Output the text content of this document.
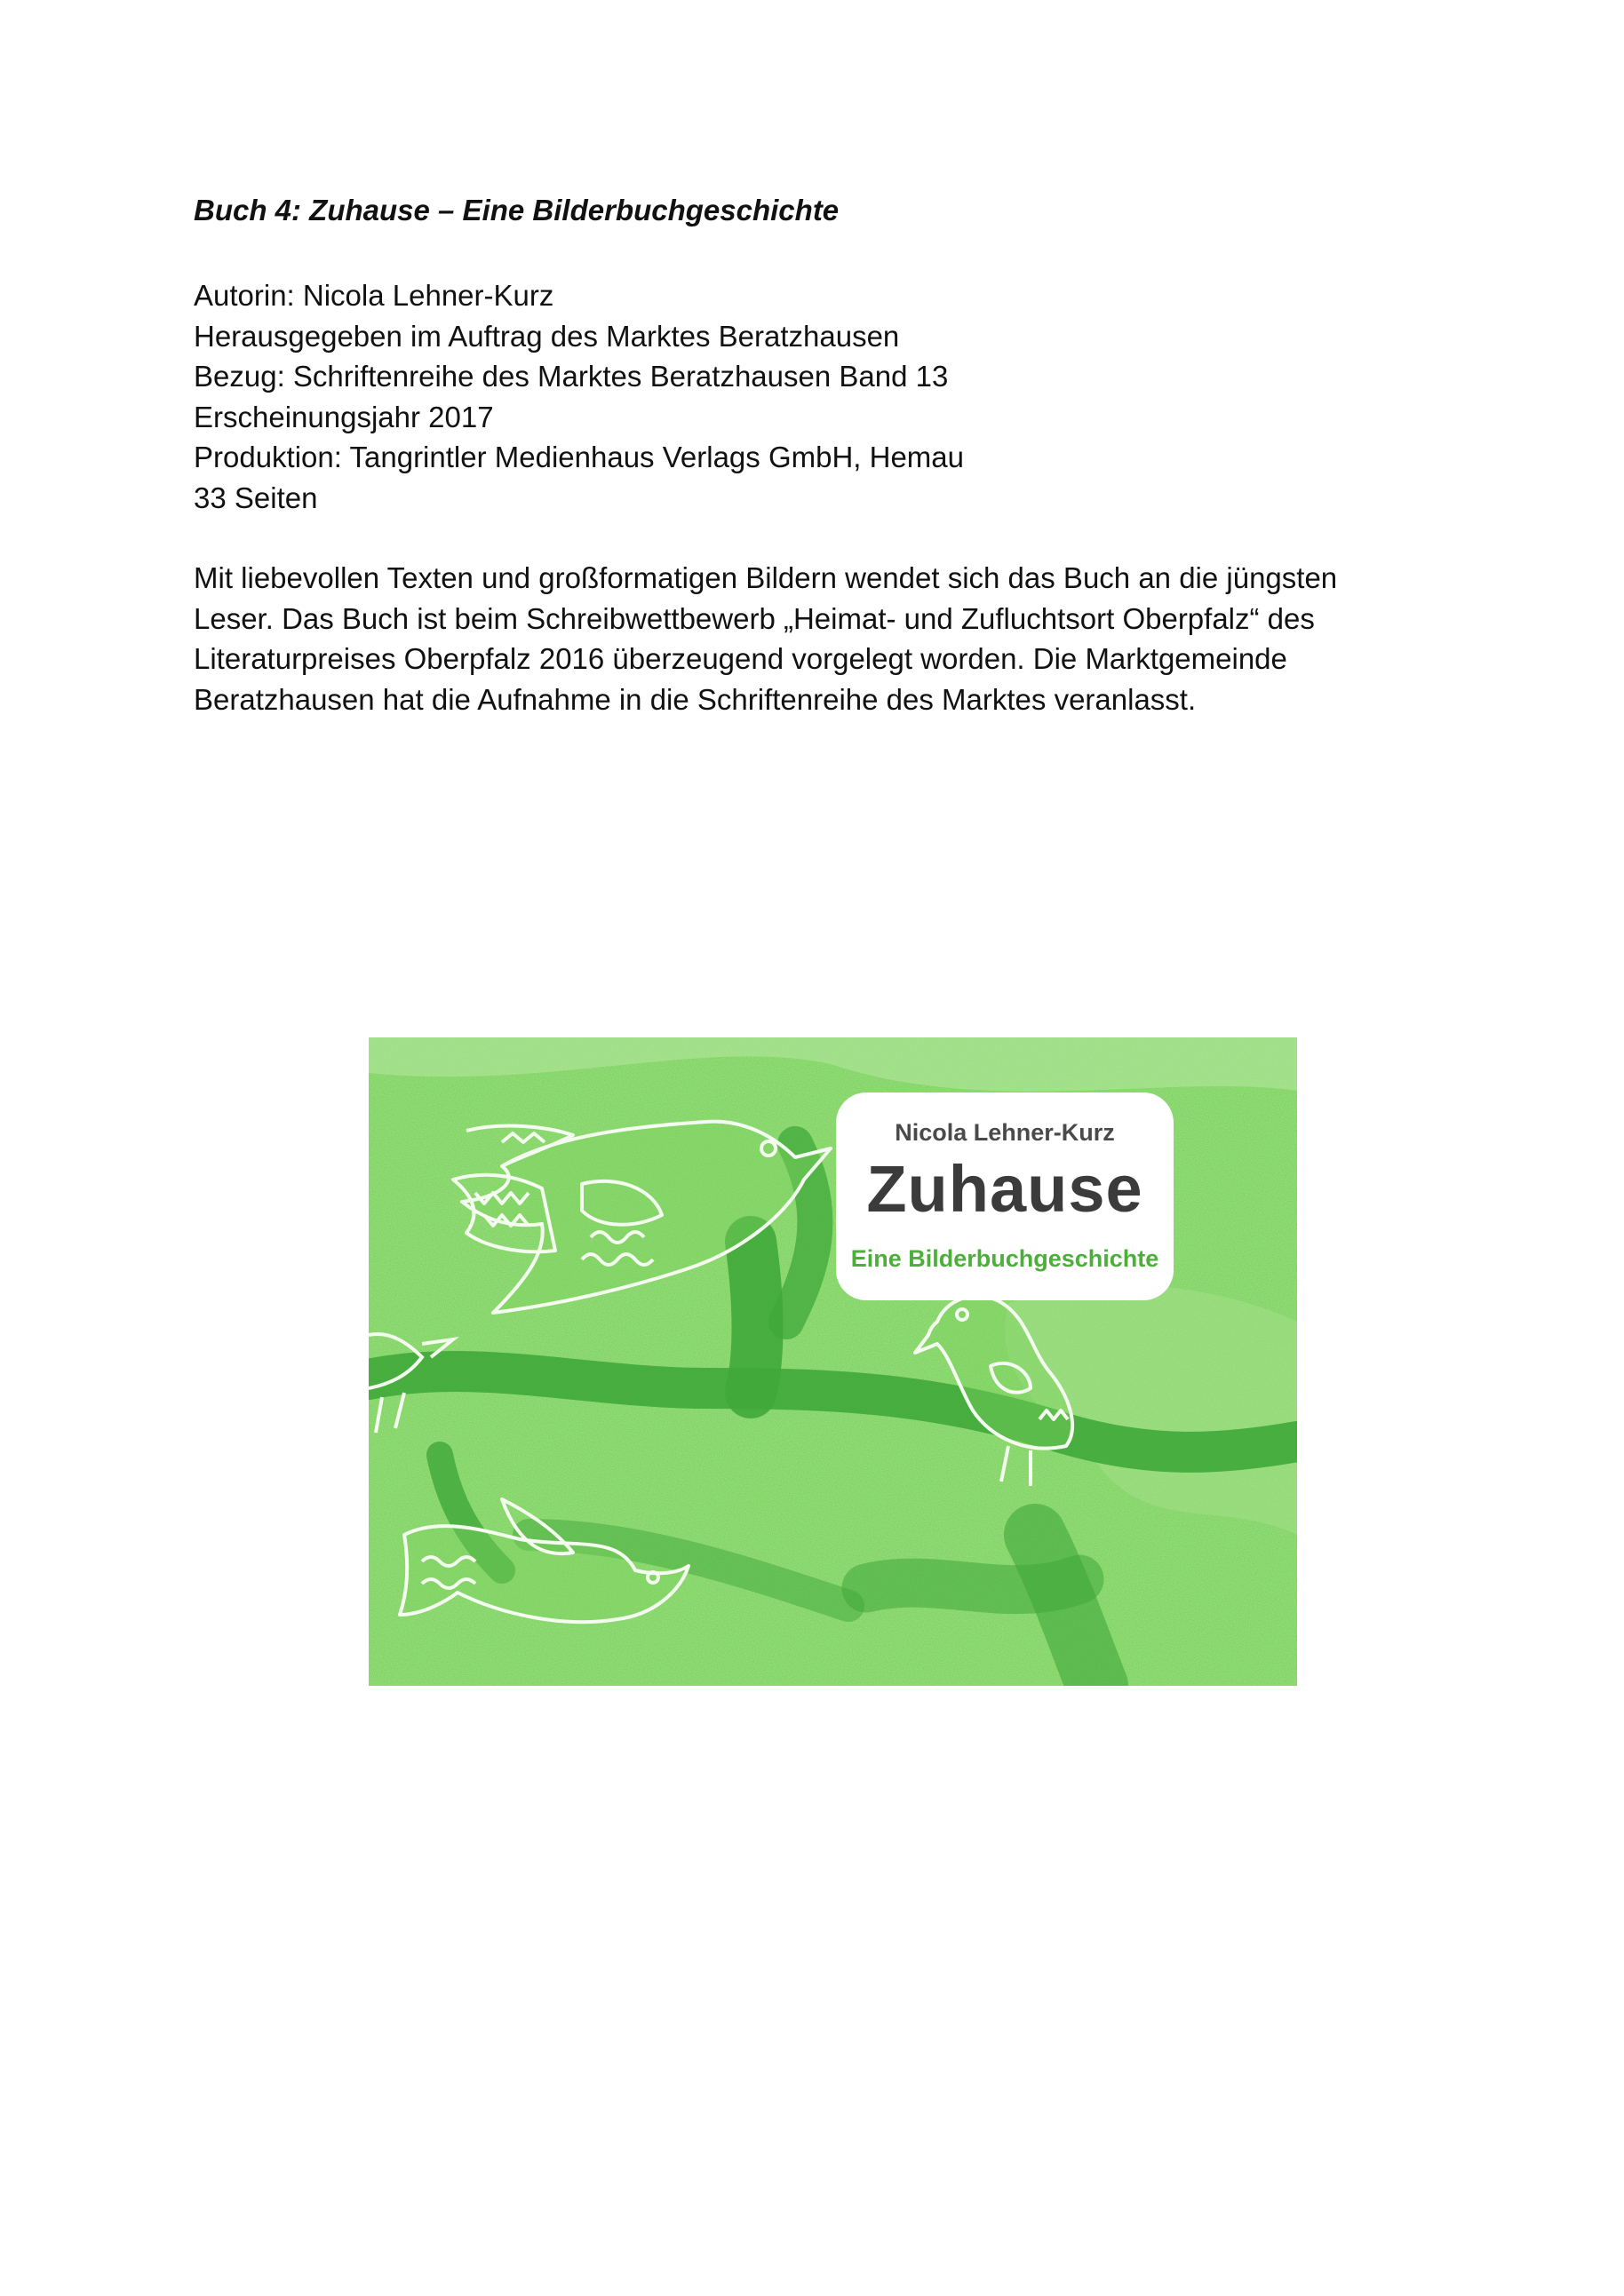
Buch 4: Zuhause – Eine Bilderbuchgeschichte

Autorin: Nicola Lehner-Kurz
Herausgegeben im Auftrag des Marktes Beratzhausen
Bezug: Schriftenreihe des Marktes Beratzhausen Band 13
Erscheinungsjahr 2017
Produktion: Tangrintler Medienhaus Verlags GmbH, Hemau
33 Seiten

Mit liebevollen Texten und großformatigen Bildern wendet sich das Buch an die jüngsten
Leser. Das Buch ist beim Schreibwettbewerb „Heimat- und Zufluchtsort Oberpfalz“ des
Literaturpreises Oberpfalz 2016 überzeugend vorgelegt worden. Die Marktgemeinde
Beratzhausen hat die Aufnahme in die Schriftenreihe des Marktes veranlasst.

Nicola Lehner-Kurz
Zuhause
Eine Bilderbuchgeschichte
